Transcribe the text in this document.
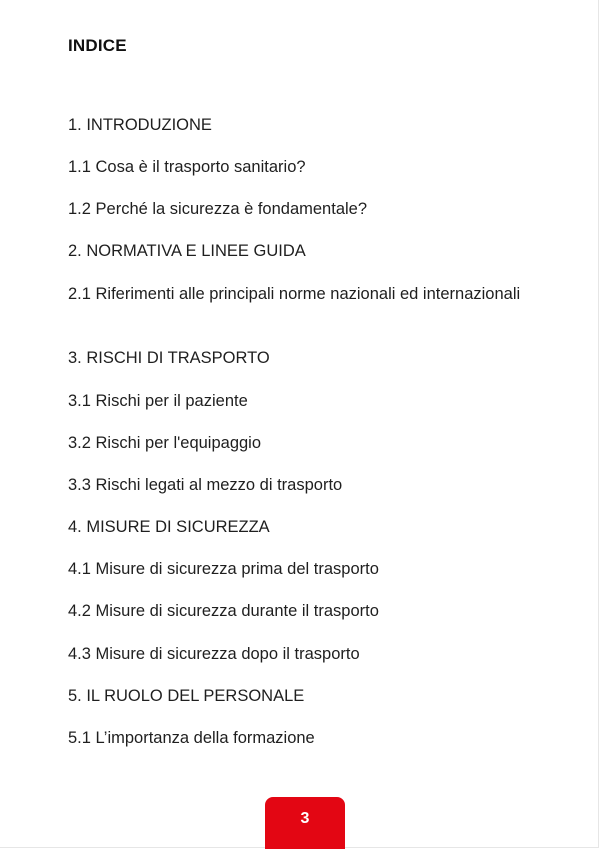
INDICE
1. INTRODUZIONE
1.1 Cosa è il trasporto sanitario?
1.2 Perché la sicurezza è fondamentale?
2. NORMATIVA E LINEE GUIDA
2.1 Riferimenti alle principali norme nazionali ed internazionali
3. RISCHI DI TRASPORTO
3.1 Rischi per il paziente
3.2 Rischi per l'equipaggio
3.3 Rischi legati al mezzo di trasporto
4. MISURE DI SICUREZZA
4.1 Misure di sicurezza prima del trasporto
4.2 Misure di sicurezza durante il trasporto
4.3 Misure di sicurezza dopo il trasporto
5. IL RUOLO DEL PERSONALE
5.1 L’importanza della formazione
3
